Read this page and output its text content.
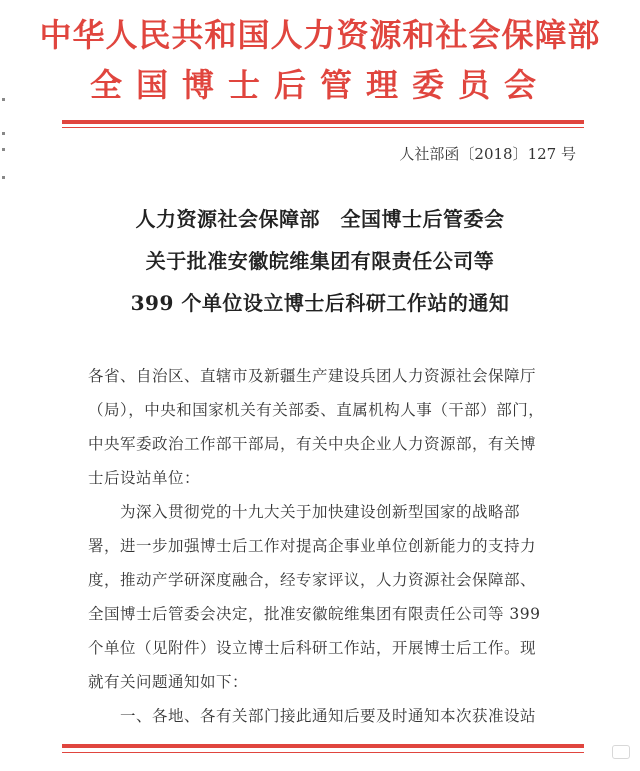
中华人民共和国人力资源和社会保障部
全国博士后管理委员会
人社部函〔2018〕127 号
人力资源社会保障部　全国博士后管委会
关于批准安徽皖维集团有限责任公司等
399 个单位设立博士后科研工作站的通知
各省、自治区、直辖市及新疆生产建设兵团人力资源社会保障厅
（局），中央和国家机关有关部委、直属机构人事（干部）部门，
中央军委政治工作部干部局，有关中央企业人力资源部，有关博
士后设站单位：
为深入贯彻党的十九大关于加快建设创新型国家的战略部
署，进一步加强博士后工作对提高企事业单位创新能力的支持力
度，推动产学研深度融合，经专家评议，人力资源社会保障部、
全国博士后管委会决定，批准安徽皖维集团有限责任公司等 399
个单位（见附件）设立博士后科研工作站，开展博士后工作。现
就有关问题通知如下：
一、各地、各有关部门接此通知后要及时通知本次获准设站
